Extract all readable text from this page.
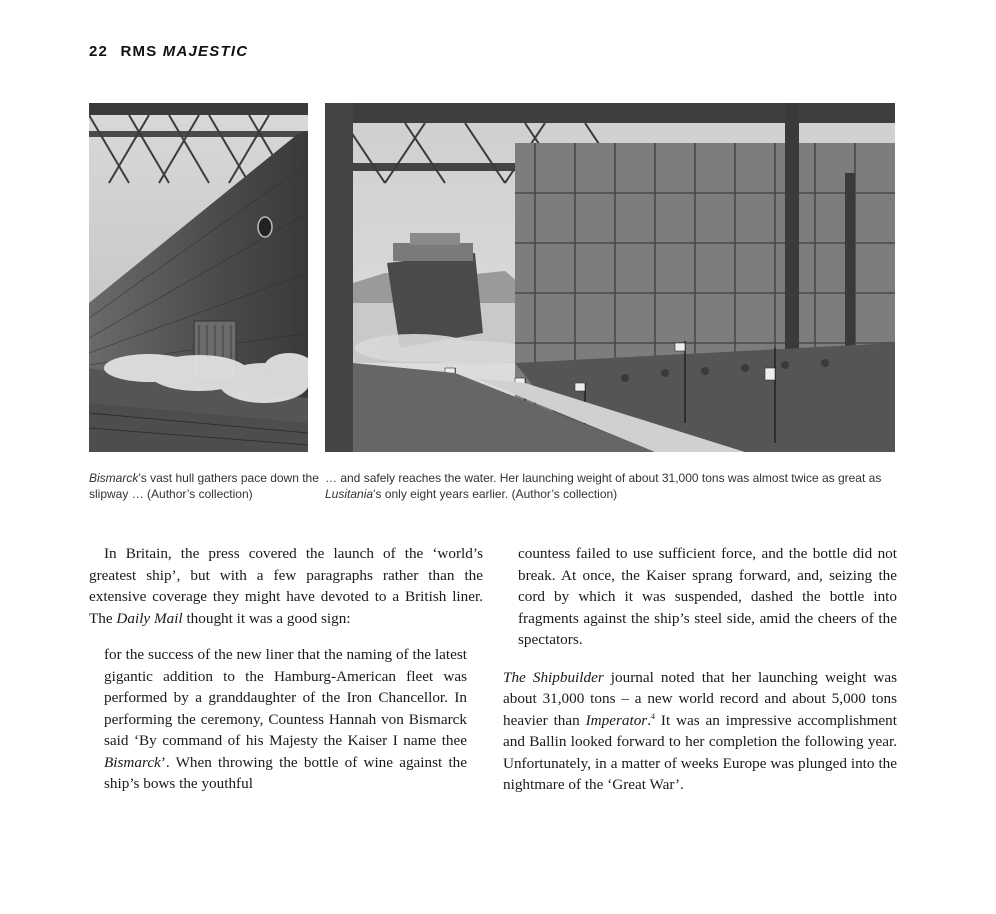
22 RMS MAJESTIC
Bismarck’s vast hull gathers pace down the slipway … (Author’s collection)
… and safely reaches the water. Her launching weight of about 31,000 tons was almost twice as great as Lusitania’s only eight years earlier. (Author’s collection)

In Britain, the press covered the launch of the ‘world’s greatest ship’, but with a few paragraphs rather than the extensive coverage they might have devoted to a British liner. The Daily Mail thought it was a good sign:

for the success of the new liner that the naming of the latest gigantic addition to the Hamburg-American fleet was performed by a granddaughter of the Iron Chancellor. In performing the ceremony, Countess Hannah von Bismarck said ‘By command of his Majesty the Kaiser I name thee Bismarck’. When throwing the bottle of wine against the ship’s bows the youthful

countess failed to use sufficient force, and the bottle did not break. At once, the Kaiser sprang forward, and, seizing the cord by which it was suspended, dashed the bottle into fragments against the ship’s steel side, amid the cheers of the spectators.

The Shipbuilder journal noted that her launching weight was about 31,000 tons – a new world record and about 5,000 tons heavier than Imperator.$^4$ It was an impressive accomplishment and Ballin looked forward to her completion the following year. Unfortunately, in a matter of weeks Europe was plunged into the nightmare of the ‘Great War’.
